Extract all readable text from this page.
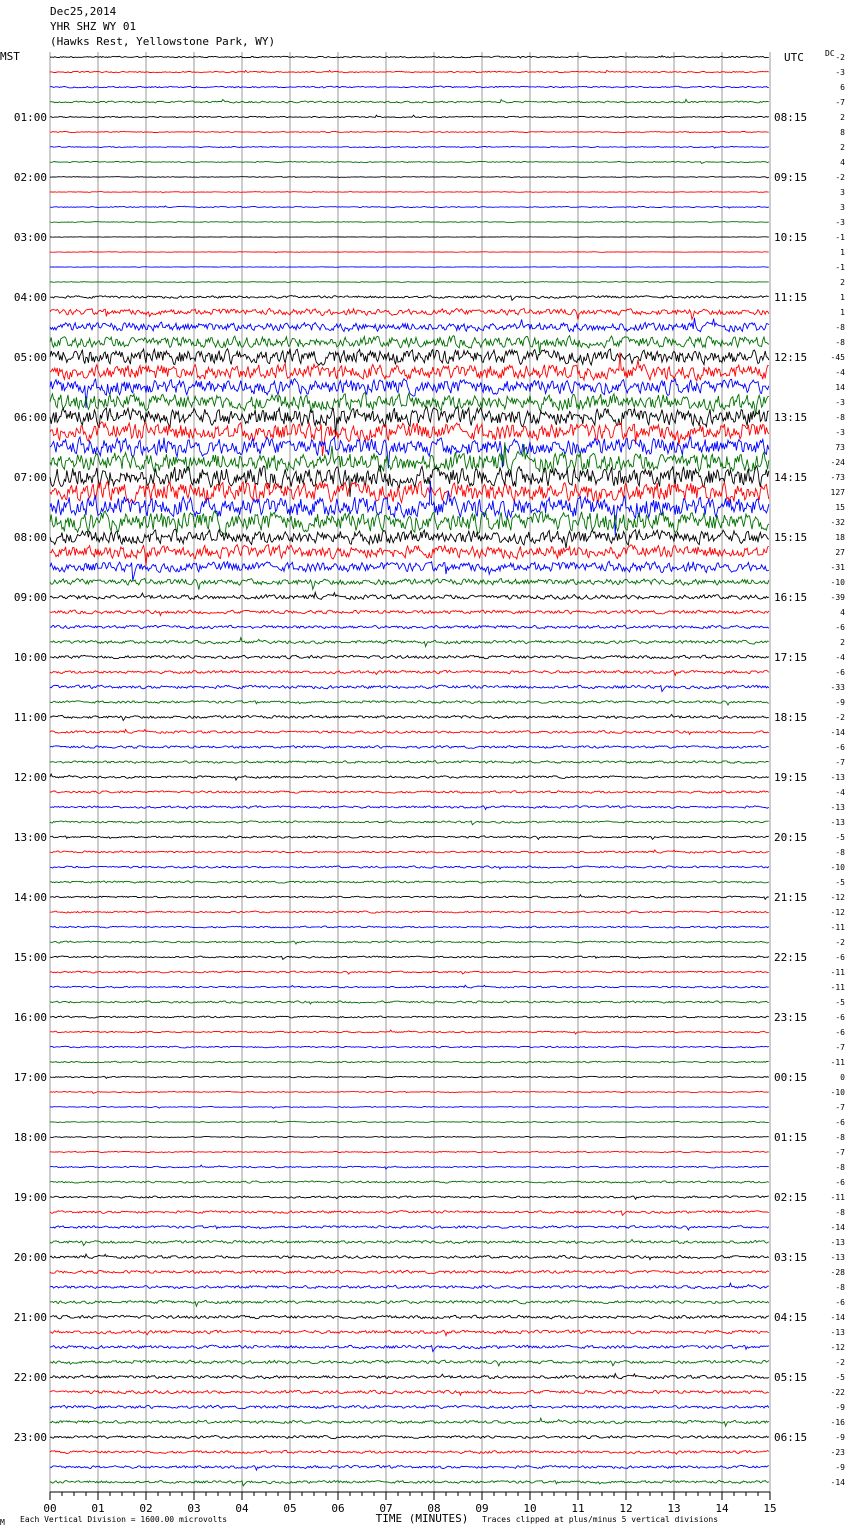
Dec25,2014
YHR SHZ WY 01
(Hawks Rest, Yellowstone Park, WY)
MST	UTC
01:00
02:00
03:00
04:00
05:00
06:00
07:00
08:00
09:00
10:00
11:00
12:00
13:00
14:00
15:00
16:00
17:00
18:00
19:00
20:00
21:00
22:00
23:00
08:15
09:15
10:15
11:15
12:15
13:15
14:15
15:15
16:15
17:15
18:15
19:15
20:15
21:15
22:15
23:15
00:15
01:15
02:15
03:15
04:15
05:15
06:15
-2
-3
6
-7
2
8
2
4
-2
3
3
-3
-1
1
-1
2
1
1
-8
-8
-45
-4
14
-3
-8
-3
73
-24
-73
127
15
-32
18
27
-31
-10
-39
4
-6
2
-4
-6
-33
-9
-2
-14
-6
-7
-13
-4
-13
-13
-5
-8
-10
-5
-12
-12
-11
-2
-6
-11
-11
-5
-6
-6
-7
-11
0
-10
-7
-6
-8
-7
-8
-6
-11
-8
-14
-13
-13
-28
-8
-6
-14
-13
-12
-2
-5
-22
-9
-16
-9
-23
-9
-14
00	01	02	03	04	05	06	07	08	09	10	11	12	13	14	15
DC
TIME (MINUTES)
M Each Vertical Division = 1600.00 microvolts	Traces clipped at plus/minus 5 vertical divisions
